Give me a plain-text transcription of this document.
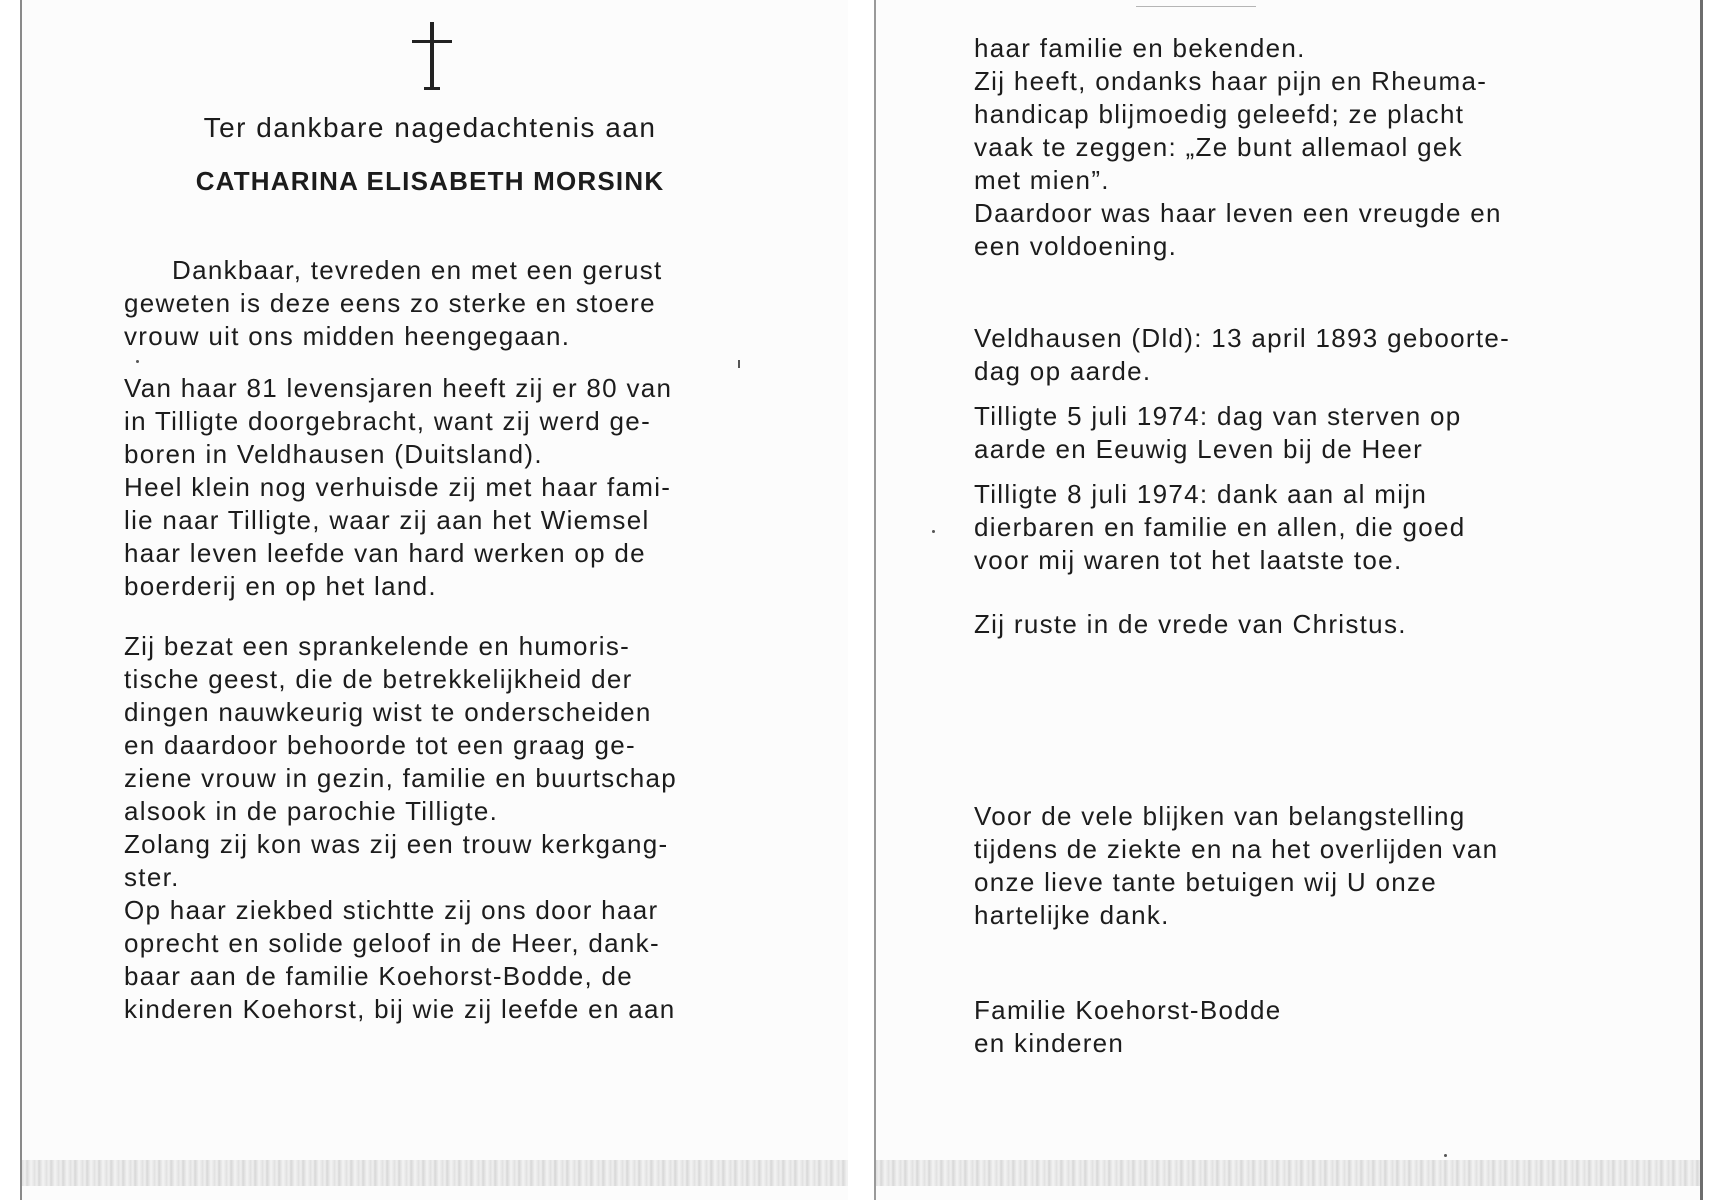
Ter dankbare nagedachtenis aan
CATHARINA ELISABETH MORSINK
Dankbaar, tevreden en met een gerust
geweten is deze eens zo sterke en stoere
vrouw uit ons midden heengegaan.
Van haar 81 levensjaren heeft zij er 80 van
in Tilligte doorgebracht, want zij werd ge-
boren in Veldhausen (Duitsland).
Heel klein nog verhuisde zij met haar fami-
lie naar Tilligte, waar zij aan het Wiemsel
haar leven leefde van hard werken op de
boerderij en op het land.
Zij bezat een sprankelende en humoris-
tische geest, die de betrekkelijkheid der
dingen nauwkeurig wist te onderscheiden
en daardoor behoorde tot een graag ge-
ziene vrouw in gezin, familie en buurtschap
alsook in de parochie Tilligte.
Zolang zij kon was zij een trouw kerkgang-
ster.
Op haar ziekbed stichtte zij ons door haar
oprecht en solide geloof in de Heer, dank-
baar aan de familie Koehorst-Bodde, de
kinderen Koehorst, bij wie zij leefde en aan
haar familie en bekenden.
Zij heeft, ondanks haar pijn en Rheuma-
handicap blijmoedig geleefd; ze placht
vaak te zeggen: „Ze bunt allemaol gek
met mien”.
Daardoor was haar leven een vreugde en
een voldoening.
Veldhausen (Dld): 13 april 1893 geboorte-
dag op aarde.
Tilligte 5 juli 1974: dag van sterven op
aarde en Eeuwig Leven bij de Heer
Tilligte 8 juli 1974: dank aan al mijn
dierbaren en familie en allen, die goed
voor mij waren tot het laatste toe.
Zij ruste in de vrede van Christus.
Voor de vele blijken van belangstelling
tijdens de ziekte en na het overlijden van
onze lieve tante betuigen wij U onze
hartelijke dank.
Familie Koehorst-Bodde
en kinderen
